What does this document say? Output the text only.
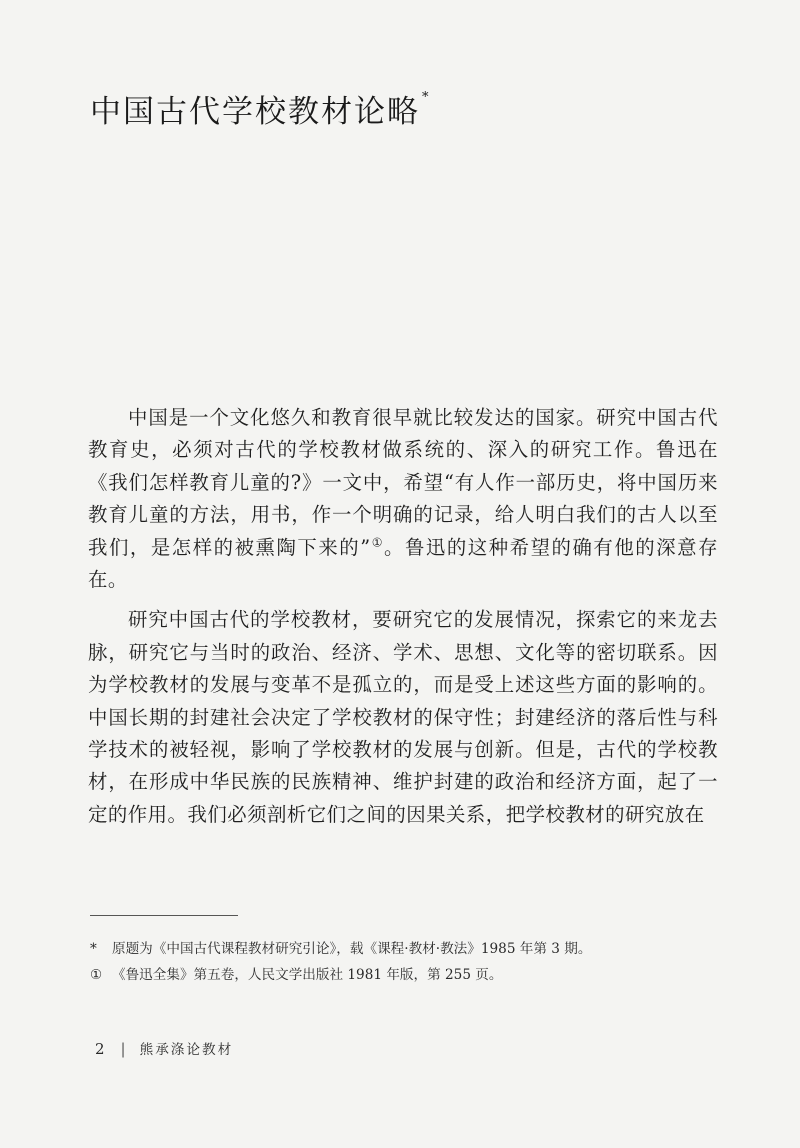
中国古代学校教材论略 *

中国是一个文化悠久和教育很早就比较发达的国家。研究中国古代教育史，必须对古代的学校教材做系统的、深入的研究工作。鲁迅在《我们怎样教育儿童的?》一文中，希望“有人作一部历史，将中国历来教育儿童的方法，用书，作一个明确的记录，给人明白我们的古人以至我们，是怎样的被熏陶下来的”①。鲁迅的这种希望的确有他的深意存在。

研究中国古代的学校教材，要研究它的发展情况，探索它的来龙去脉，研究它与当时的政治、经济、学术、思想、文化等的密切联系。因为学校教材的发展与变革不是孤立的，而是受上述这些方面的影响的。中国长期的封建社会决定了学校教材的保守性；封建经济的落后性与科学技术的被轻视，影响了学校教材的发展与创新。但是，古代的学校教材，在形成中华民族的民族精神、维护封建的政治和经济方面，起了一定的作用。我们必须剖析它们之间的因果关系，把学校教材的研究放在

* 原题为《中国古代课程教材研究引论》，载《课程·教材·教法》1985 年第 3 期。
① 《鲁迅全集》第五卷，人民文学出版社 1981 年版，第 255 页。
2 | 熊承涤论教材
